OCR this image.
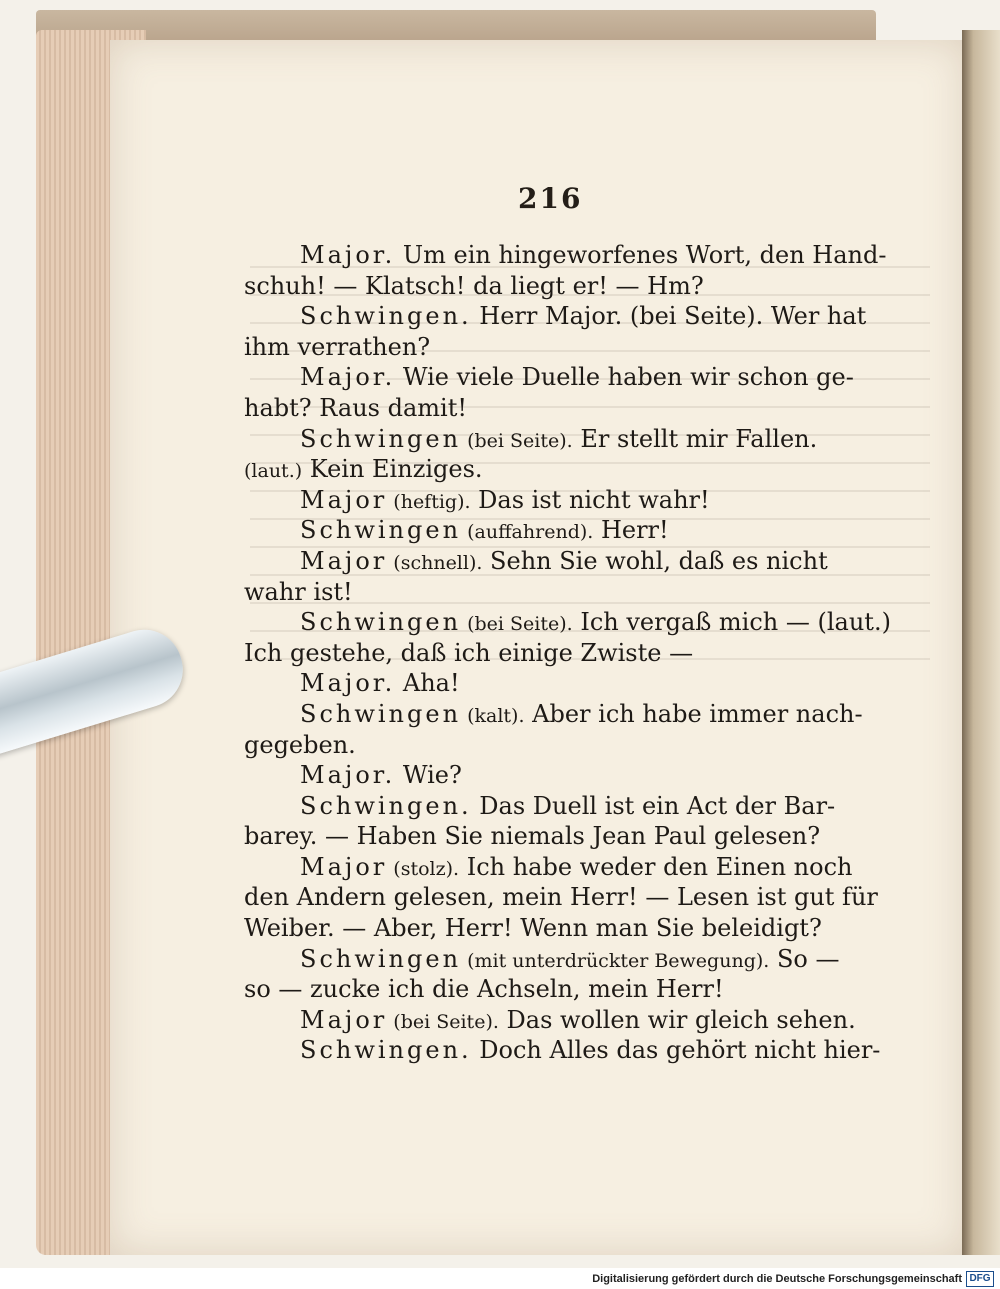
216
Major. Um ein hingeworfenes Wort, den Hand-
schuh! — Klatsch! da liegt er! — Hm?
Schwingen. Herr Major. (bei Seite). Wer hat
ihm verrathen?
Major. Wie viele Duelle haben wir schon ge-
habt? Raus damit!
Schwingen (bei Seite). Er stellt mir Fallen.
(laut.) Kein Einziges.
Major (heftig). Das ist nicht wahr!
Schwingen (auffahrend). Herr!
Major (schnell). Sehn Sie wohl, daß es nicht
wahr ist!
Schwingen (bei Seite). Ich vergaß mich — (laut.)
Ich gestehe, daß ich einige Zwiste —
Major. Aha!
Schwingen (kalt). Aber ich habe immer nach-
gegeben.
Major. Wie?
Schwingen. Das Duell ist ein Act der Bar-
barey. — Haben Sie niemals Jean Paul gelesen?
Major (stolz). Ich habe weder den Einen noch
den Andern gelesen, mein Herr! — Lesen ist gut für
Weiber. — Aber, Herr! Wenn man Sie beleidigt?
Schwingen (mit unterdrückter Bewegung). So —
so — zucke ich die Achseln, mein Herr!
Major (bei Seite). Das wollen wir gleich sehen.
Schwingen. Doch Alles das gehört nicht hier-
Digitalisierung gefördert durch die Deutsche Forschungsgemeinschaft DFG
